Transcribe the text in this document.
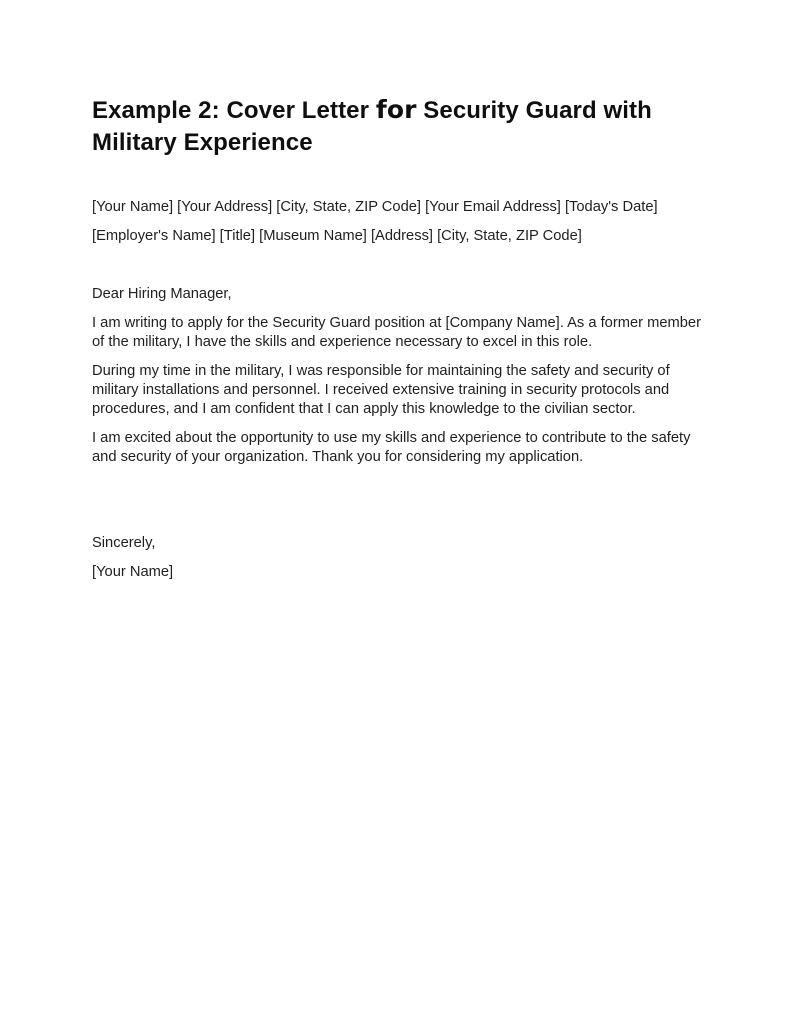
Example 2: Cover Letter for Security Guard with Military Experience

[Your Name] [Your Address] [City, State, ZIP Code] [Your Email Address] [Today's Date]

[Employer's Name] [Title] [Museum Name] [Address] [City, State, ZIP Code]

Dear Hiring Manager,

I am writing to apply for the Security Guard position at [Company Name]. As a former member of the military, I have the skills and experience necessary to excel in this role.

During my time in the military, I was responsible for maintaining the safety and security of military installations and personnel. I received extensive training in security protocols and procedures, and I am confident that I can apply this knowledge to the civilian sector.

I am excited about the opportunity to use my skills and experience to contribute to the safety and security of your organization. Thank you for considering my application.

Sincerely,

[Your Name]
